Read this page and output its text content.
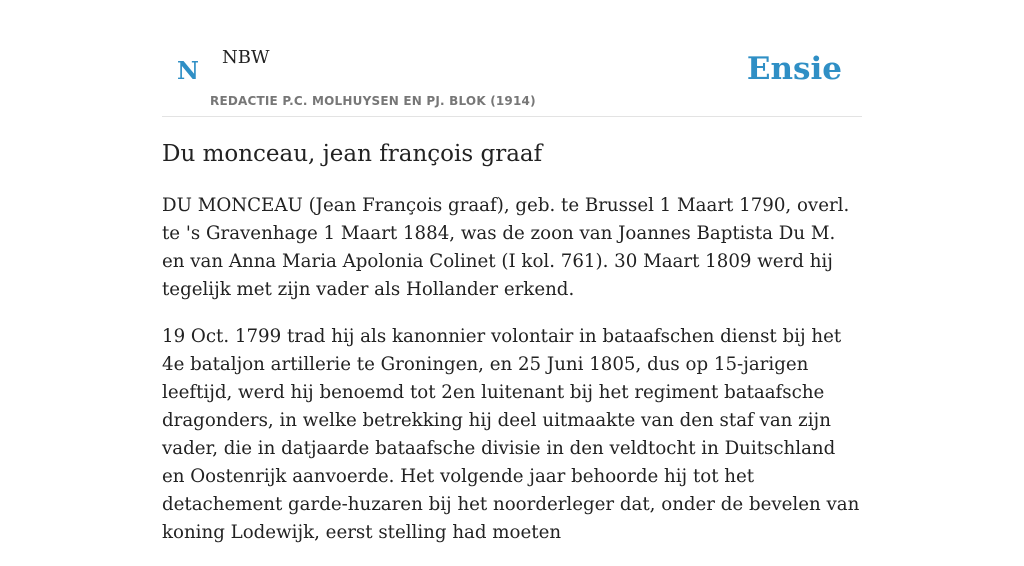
N NBW
REDACTIE P.C. MOLHUYSEN EN PJ. BLOK (1914)
Ensie
Du monceau, jean françois graaf

DU MONCEAU (Jean François graaf), geb. te Brussel 1 Maart 1790, overl. te 's Gravenhage 1 Maart 1884, was de zoon van Joannes Baptista Du M. en van Anna Maria Apolonia Colinet (I kol. 761). 30 Maart 1809 werd hij tegelijk met zijn vader als Hollander erkend.

19 Oct. 1799 trad hij als kanonnier volontair in bataafschen dienst bij het 4e bataljon artillerie te Groningen, en 25 Juni 1805, dus op 15-jarigen leeftijd, werd hij benoemd tot 2en luitenant bij het regiment bataafsche dragonders, in welke betrekking hij deel uitmaakte van den staf van zijn vader, die in datjaarde bataafsche divisie in den veldtocht in Duitschland en Oostenrijk aanvoerde. Het volgende jaar behoorde hij tot het detachement garde-huzaren bij het noorderleger dat, onder de bevelen van koning Lodewijk, eerst stelling had moeten
